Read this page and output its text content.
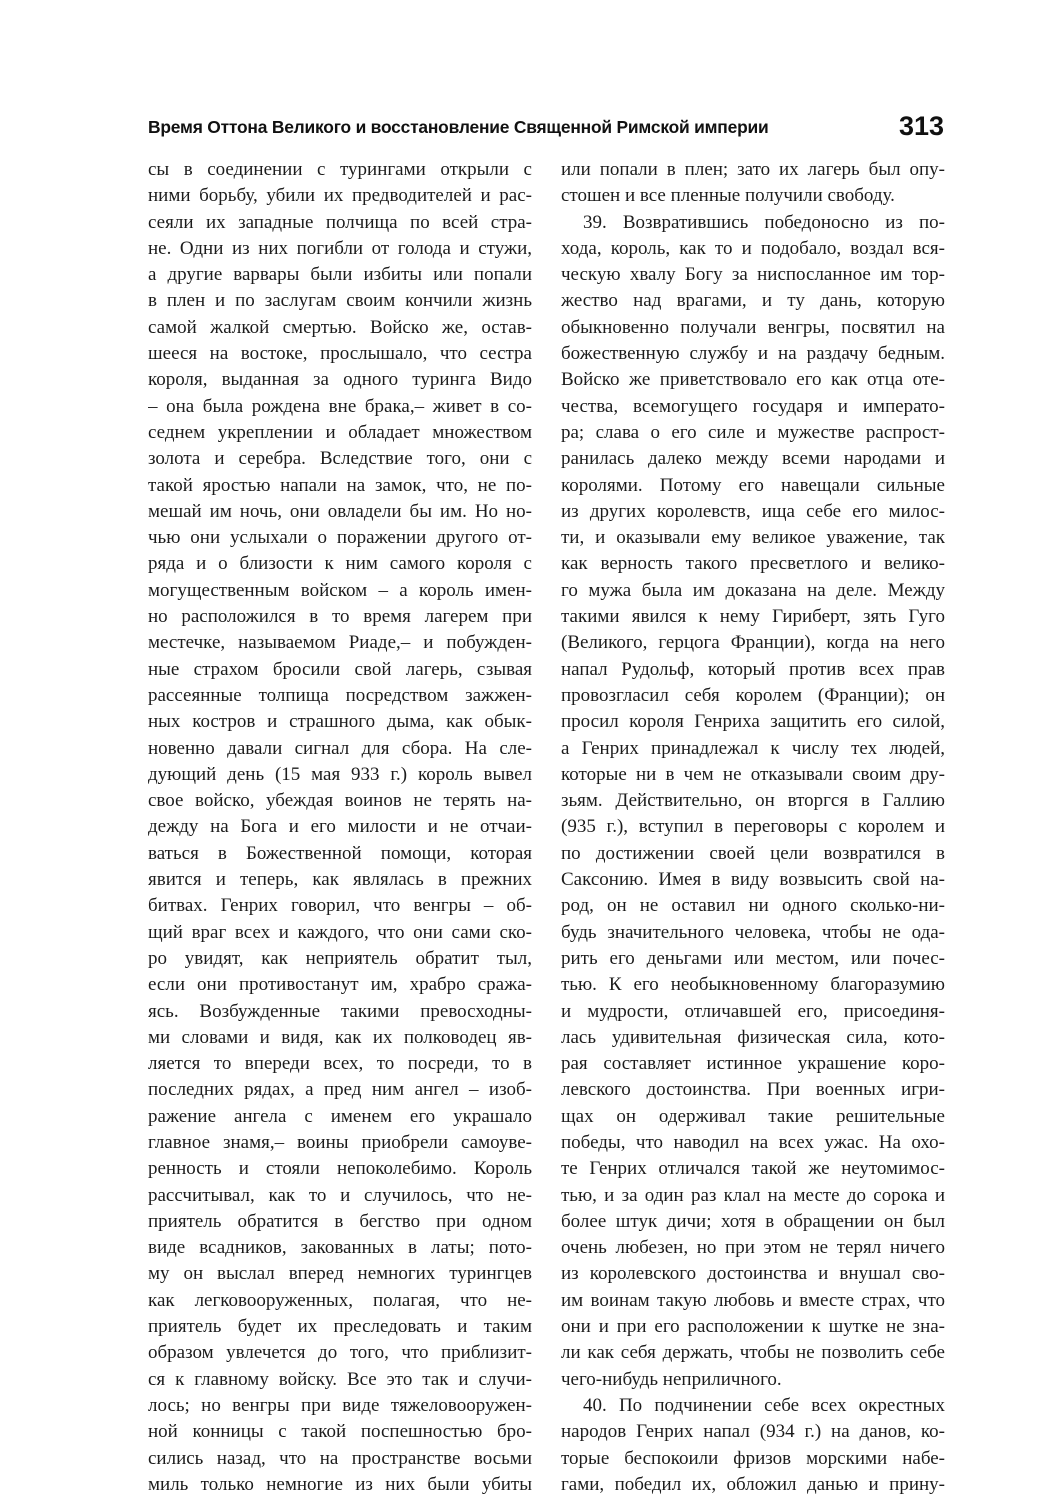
Время Оттона Великого и восстановление Священной Римской империи	313
сы в соединении с турингами открыли с
ними борьбу, убили их предводителей и рас-
сеяли их западные полчища по всей стра-
не. Одни из них погибли от голода и стужи,
а другие варвары были избиты или попали
в плен и по заслугам своим кончили жизнь
самой жалкой смертью. Войско же, остав-
шееся на востоке, прослышало, что сестра
короля, выданная за одного туринга Видо
– она была рождена вне брака,– живет в со-
седнем укреплении и обладает множеством
золота и серебра. Вследствие того, они с
такой яростью напали на замок, что, не по-
мешай им ночь, они овладели бы им. Но но-
чью они услыхали о поражении другого от-
ряда и о близости к ним самого короля с
могущественным войском – а король имен-
но расположился в то время лагерем при
местечке, называемом Риаде,– и побужден-
ные страхом бросили свой лагерь, сзывая
рассеянные толпища посредством зажжен-
ных костров и страшного дыма, как обык-
новенно давали сигнал для сбора. На сле-
дующий день (15 мая 933 г.) король вывел
свое войско, убеждая воинов не терять на-
дежду на Бога и его милости и не отчаи-
ваться в Божественной помощи, которая
явится и теперь, как являлась в прежних
битвах. Генрих говорил, что венгры – об-
щий враг всех и каждого, что они сами ско-
ро увидят, как неприятель обратит тыл,
если они противостанут им, храбро сража-
ясь. Возбужденные такими превосходны-
ми словами и видя, как их полководец яв-
ляется то впереди всех, то посреди, то в
последних рядах, а пред ним ангел – изоб-
ражение ангела с именем его украшало
главное знамя,– воины приобрели самоуве-
ренность и стояли непоколебимо. Король
рассчитывал, как то и случилось, что не-
приятель обратится в бегство при одном
виде всадников, закованных в латы; пото-
му он выслал вперед немногих турингцев
как легковооруженных, полагая, что не-
приятель будет их преследовать и таким
образом увлечется до того, что приблизит-
ся к главному войску. Все это так и случи-
лось; но венгры при виде тяжеловооружен-
ной конницы с такой поспешностью бро-
сились назад, что на пространстве восьми
миль только немногие из них были убиты
или попали в плен; зато их лагерь был опу-
стошен и все пленные получили свободу.
39. Возвратившись победоносно из по-
хода, король, как то и подобало, воздал вся-
ческую хвалу Богу за ниспосланное им тор-
жество над врагами, и ту дань, которую
обыкновенно получали венгры, посвятил на
божественную службу и на раздачу бедным.
Войско же приветствовало его как отца оте-
чества, всемогущего государя и императо-
ра; слава о его силе и мужестве распрост-
ранилась далеко между всеми народами и
королями. Потому его навещали сильные
из других королевств, ища себе его милос-
ти, и оказывали ему великое уважение, так
как верность такого пресветлого и велико-
го мужа была им доказана на деле. Между
такими явился к нему Гириберт, зять Гуго
(Великого, герцога Франции), когда на него
напал Рудольф, который против всех прав
провозгласил себя королем (Франции); он
просил короля Генриха защитить его силой,
а Генрих принадлежал к числу тех людей,
которые ни в чем не отказывали своим дру-
зьям. Действительно, он вторгся в Галлию
(935 г.), вступил в переговоры с королем и
по достижении своей цели возвратился в
Саксонию. Имея в виду возвысить свой на-
род, он не оставил ни одного сколько-ни-
будь значительного человека, чтобы не ода-
рить его деньгами или местом, или почес-
тью. К его необыкновенному благоразумию
и мудрости, отличавшей его, присоединя-
лась удивительная физическая сила, кото-
рая составляет истинное украшение коро-
левского достоинства. При военных игри-
щах он одерживал такие решительные
победы, что наводил на всех ужас. На охо-
те Генрих отличался такой же неутомимос-
тью, и за один раз клал на месте до сорока и
более штук дичи; хотя в обращении он был
очень любезен, но при этом не терял ничего
из королевского достоинства и внушал сво-
им воинам такую любовь и вместе страх, что
они и при его расположении к шутке не зна-
ли как себя держать, чтобы не позволить себе
чего-нибудь неприличного.
40. По подчинении себе всех окрестных
народов Генрих напал (934 г.) на данов, ко-
торые беспокоили фризов морскими набе-
гами, победил их, обложил данью и прину-
